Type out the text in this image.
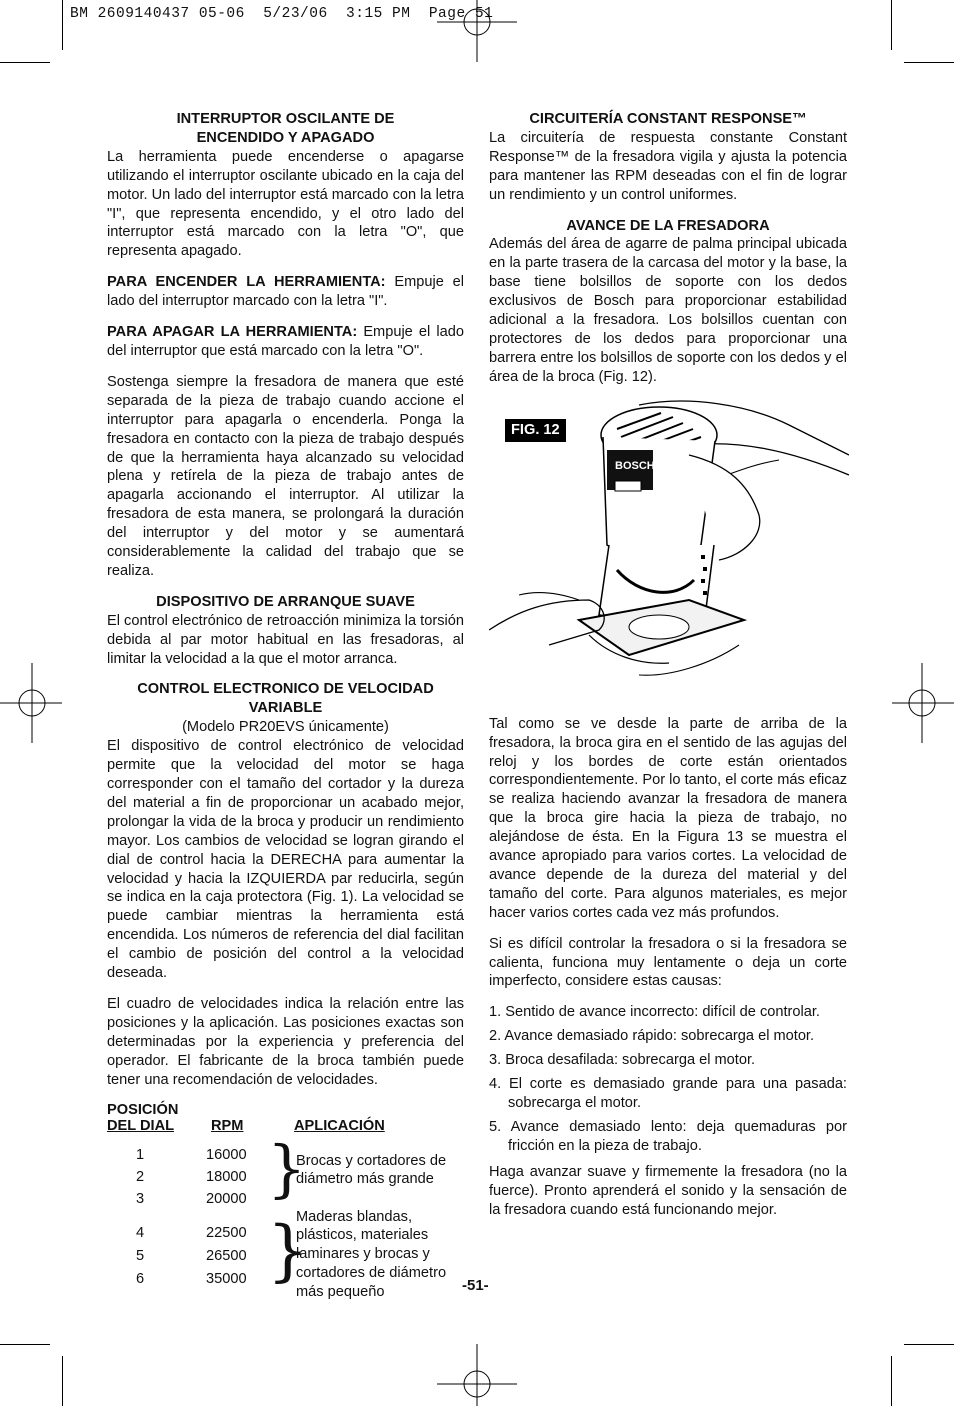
BM 2609140437 05-06  5/23/06  3:15 PM  Page 51
INTERRUPTOR OSCILANTE DE
ENCENDIDO Y APAGADO

La herramienta puede encenderse o apagarse utilizando el interruptor oscilante ubicado en la caja del motor. Un lado del interruptor está marcado con la letra "I", que representa encendido, y el otro lado del interruptor está marcado con la letra "O", que representa apagado.

PARA ENCENDER LA HERRAMIENTA: Empuje el lado del interruptor marcado con la letra "I".

PARA APAGAR LA HERRAMIENTA: Empuje el lado del interruptor que está marcado con la letra "O".

Sostenga siempre la fresadora de manera que esté separada de la pieza de trabajo cuando accione el interruptor para apagarla o encenderla. Ponga la fresadora en contacto con la pieza de trabajo después de que la herramienta haya alcanzado su velocidad plena y retírela de la pieza de trabajo antes de apagarla accionando el interruptor. Al utilizar la fresadora de esta manera, se prolongará la duración del interruptor y del motor y se aumentará considerablemente la calidad del trabajo que se realiza.

DISPOSITIVO DE ARRANQUE SUAVE

El control electrónico de retroacción minimiza la torsión debida al par motor habitual en las fresadoras, al limitar la velocidad a la que el motor arranca.

CONTROL ELECTRONICO DE VELOCIDAD VARIABLE
(Modelo PR20EVS únicamente)

El dispositivo de control electrónico de velocidad permite que la velocidad del motor se haga corresponder con el tamaño del cortador y la dureza del material a fin de proporcionar un acabado mejor, prolongar la vida de la broca y producir un rendimiento mayor. Los cambios de velocidad se logran girando el dial de control hacia la DERECHA para aumentar la velocidad y hacia la IZQUIERDA par reducirla, según se indica en la caja protectora (Fig. 1). La velocidad se puede cambiar mientras la herramienta está encendida. Los números de referencia del dial facilitan el cambio de posición del control a la velocidad deseada.

El cuadro de velocidades indica la relación entre las posiciones y la aplicación. Las posiciones exactas son determinadas por la experiencia y preferencia del operador. El fabricante de la broca también puede tener una recomendación de velocidades.

POSICIÓN
DEL DIAL	RPM	APLICACIÓN
1	16000
2	18000
3	20000 }
Brocas y cortadores de
diámetro más grande
4	22500
5	26500
6	35000 }
Maderas blandas,
plásticos, materiales
laminares y brocas y
cortadores de diámetro
más pequeño
CIRCUITERÍA CONSTANT RESPONSE™

La circuitería de respuesta constante Constant Response™ de la fresadora vigila y ajusta la potencia para mantener las RPM deseadas con el fin de lograr un rendimiento y un control uniformes.

AVANCE DE LA FRESADORA

Además del área de agarre de palma principal ubicada en la parte trasera de la carcasa del motor y la base, la base tiene bolsillos de soporte con los dedos exclusivos de Bosch para proporcionar estabilidad adicional a la fresadora. Los bolsillos cuentan con protectores de los dedos para proporcionar una barrera entre los bolsillos de soporte con los dedos y el área de la broca (Fig. 12).

FIG. 12
BOSCH

Tal como se ve desde la parte de arriba de la fresadora, la broca gira en el sentido de las agujas del reloj y los bordes de corte están orientados correspondientemente. Por lo tanto, el corte más eficaz se realiza haciendo avanzar la fresadora de manera que la broca gire hacia la pieza de trabajo, no alejándose de ésta. En la Figura 13 se muestra el avance apropiado para varios cortes. La velocidad de avance depende de la dureza del material y del tamaño del corte. Para algunos materiales, es mejor hacer varios cortes cada vez más profundos.

Si es difícil controlar la fresadora o si la fresadora se calienta, funciona muy lentamente o deja un corte imperfecto, considere estas causas:

1. Sentido de avance incorrecto: difícil de controlar.
2. Avance demasiado rápido: sobrecarga el motor.
3. Broca desafilada: sobrecarga el motor.
4. El corte es demasiado grande para una pasada: sobrecarga el motor.
5. Avance demasiado lento: deja quemaduras por fricción en la pieza de trabajo.

Haga avanzar suave y firmemente la fresadora (no la fuerce). Pronto aprenderá el sonido y la sensación de la fresadora cuando está funcionando mejor.

-51-
